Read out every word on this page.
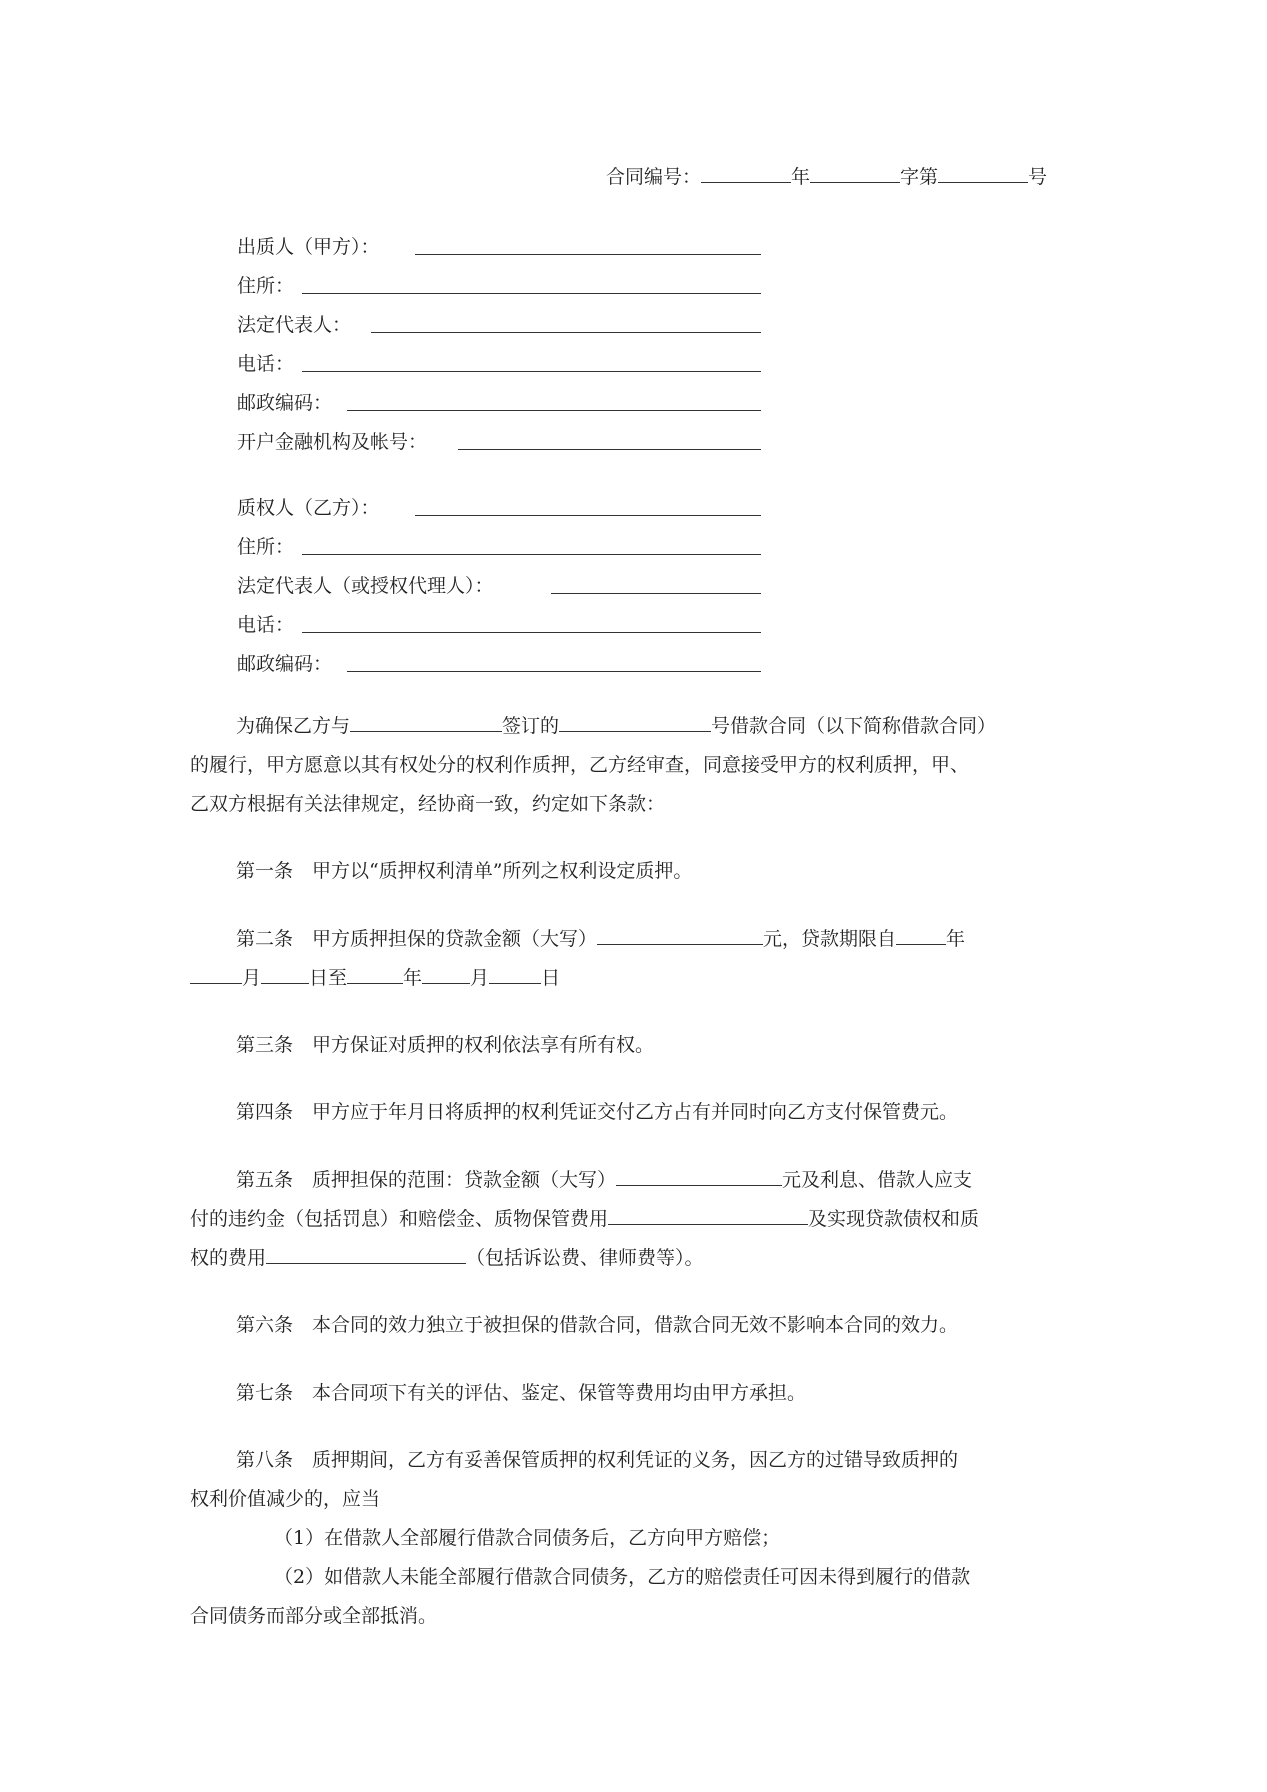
合同编号：	年	字第	号
出质人（甲方）：
住所：
法定代表人：
电话：
邮政编码：
开户金融机构及帐号：
质权人（乙方）：
住所：
法定代表人（或授权代理人）：
电话：
邮政编码：
为确保乙方与	签订的	号借款合同（以下简称借款合同）
的履行，甲方愿意以其有权处分的权利作质押，乙方经审查，同意接受甲方的权利质押，甲、
乙双方根据有关法律规定，经协商一致，约定如下条款：
第一条　甲方以“质押权利清单”所列之权利设定质押。
第二条　甲方质押担保的贷款金额（大写）	元，贷款期限自	年
月	日至	年	月	日
第三条　甲方保证对质押的权利依法享有所有权。
第四条　甲方应于年月日将质押的权利凭证交付乙方占有并同时向乙方支付保管费元。
第五条　质押担保的范围：贷款金额（大写）	元及利息、借款人应支
付的违约金（包括罚息）和赔偿金、质物保管费用	及实现贷款债权和质
权的费用	（包括诉讼费、律师费等）。
第六条　本合同的效力独立于被担保的借款合同，借款合同无效不影响本合同的效力。
第七条　本合同项下有关的评估、鉴定、保管等费用均由甲方承担。
第八条　质押期间，乙方有妥善保管质押的权利凭证的义务，因乙方的过错导致质押的
权利价值减少的，应当
（1）在借款人全部履行借款合同债务后，乙方向甲方赔偿；
（2）如借款人未能全部履行借款合同债务，乙方的赔偿责任可因未得到履行的借款
合同债务而部分或全部抵消。
